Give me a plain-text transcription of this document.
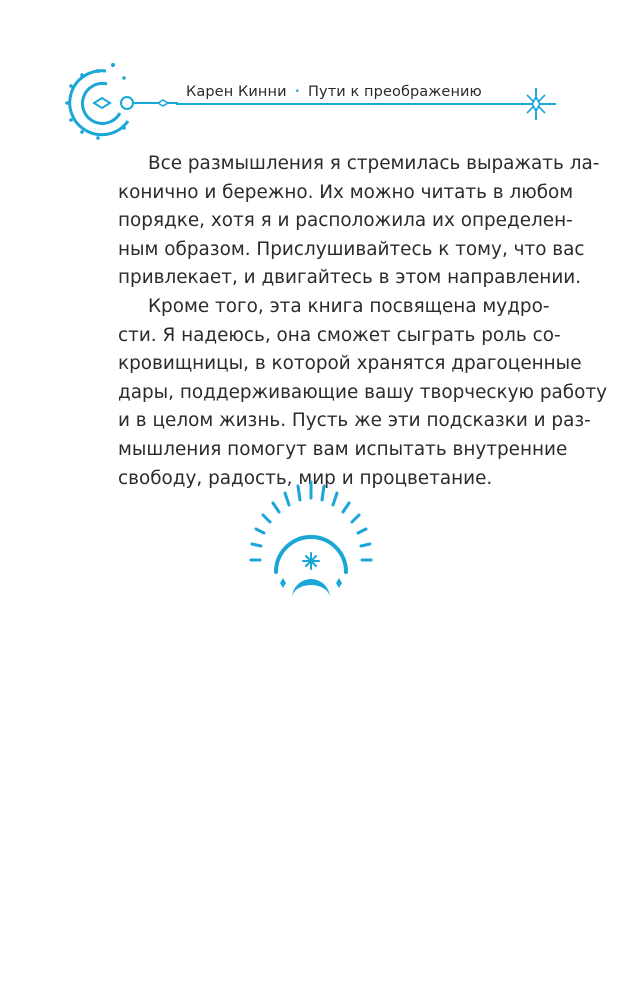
Карен Кинни • Пути к преображению
Все размышления я стремилась выражать ла-
конично и бережно. Их можно читать в любом
порядке, хотя я и расположила их определен-
ным образом. Прислушивайтесь к тому, что вас
привлекает, и двигайтесь в этом направлении.
Кроме того, эта книга посвящена мудро-
сти. Я надеюсь, она сможет сыграть роль со-
кровищницы, в которой хранятся драгоценные
дары, поддерживающие вашу творческую работу
и в целом жизнь. Пусть же эти подсказки и раз-
мышления помогут вам испытать внутренние
свободу, радость, мир и процветание.
